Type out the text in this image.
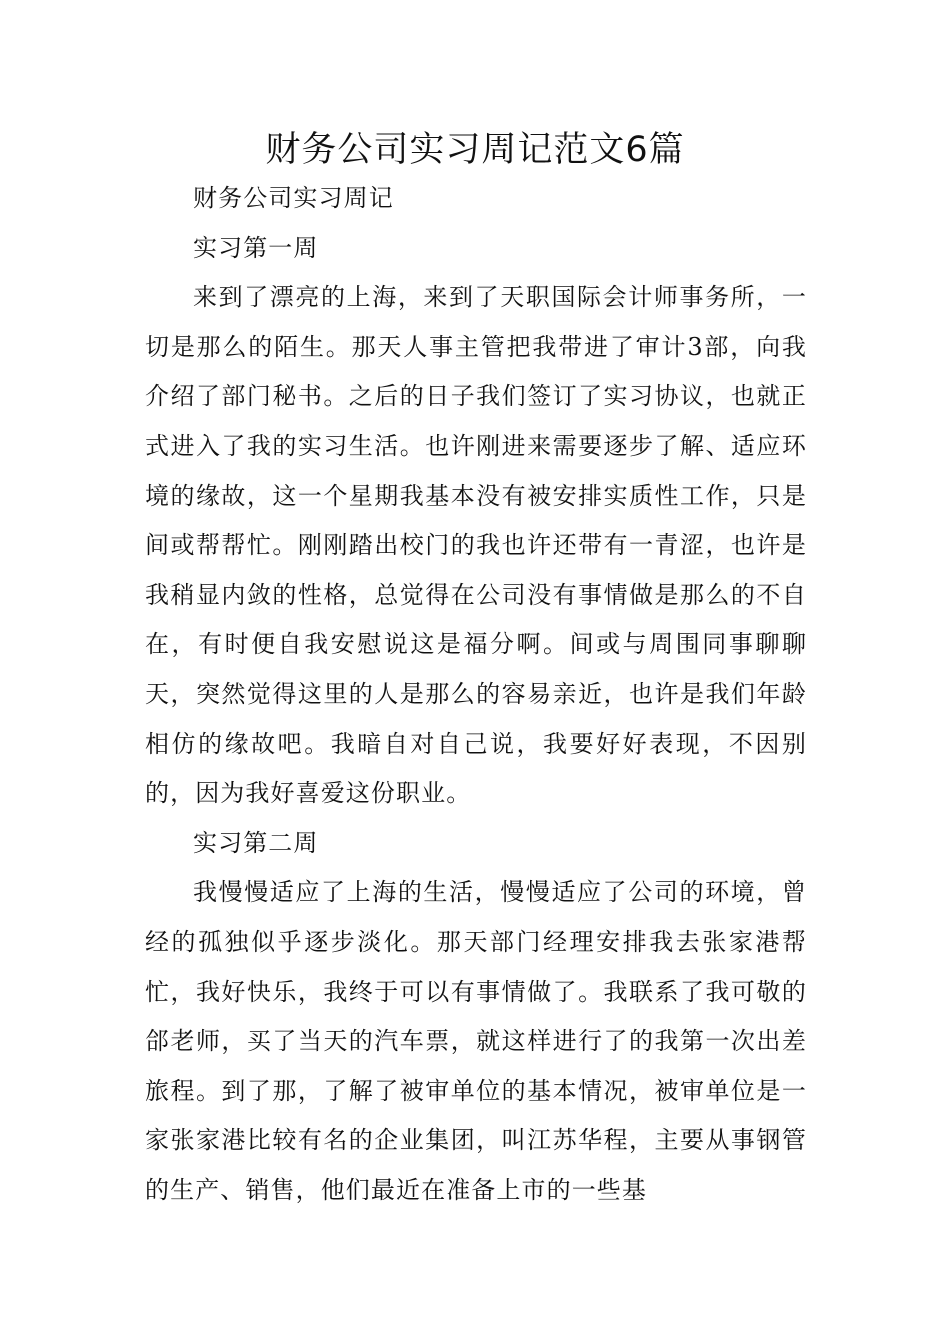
财务公司实习周记范文6篇

财务公司实习周记

实习第一周

来到了漂亮的上海，来到了天职国际会计师事务所，一切是那么的陌生。那天人事主管把我带进了审计3部，向我介绍了部门秘书。之后的日子我们签订了实习协议，也就正式进入了我的实习生活。也许刚进来需要逐步了解、适应环境的缘故，这一个星期我基本没有被安排实质性工作，只是间或帮帮忙。刚刚踏出校门的我也许还带有一青涩，也许是我稍显内敛的性格，总觉得在公司没有事情做是那么的不自在，有时便自我安慰说这是福分啊。间或与周围同事聊聊天，突然觉得这里的人是那么的容易亲近，也许是我们年龄相仿的缘故吧。我暗自对自己说，我要好好表现，不因别的，因为我好喜爱这份职业。

实习第二周

我慢慢适应了上海的生活，慢慢适应了公司的环境，曾经的孤独似乎逐步淡化。那天部门经理安排我去张家港帮忙，我好快乐，我终于可以有事情做了。我联系了我可敬的郃老师，买了当天的汽车票，就这样进行了的我第一次出差旅程。到了那，了解了被审单位的基本情况，被审单位是一家张家港比较有名的企业集团，叫江苏华程，主要从事钢管的生产、销售，他们最近在准备上市的一些基
